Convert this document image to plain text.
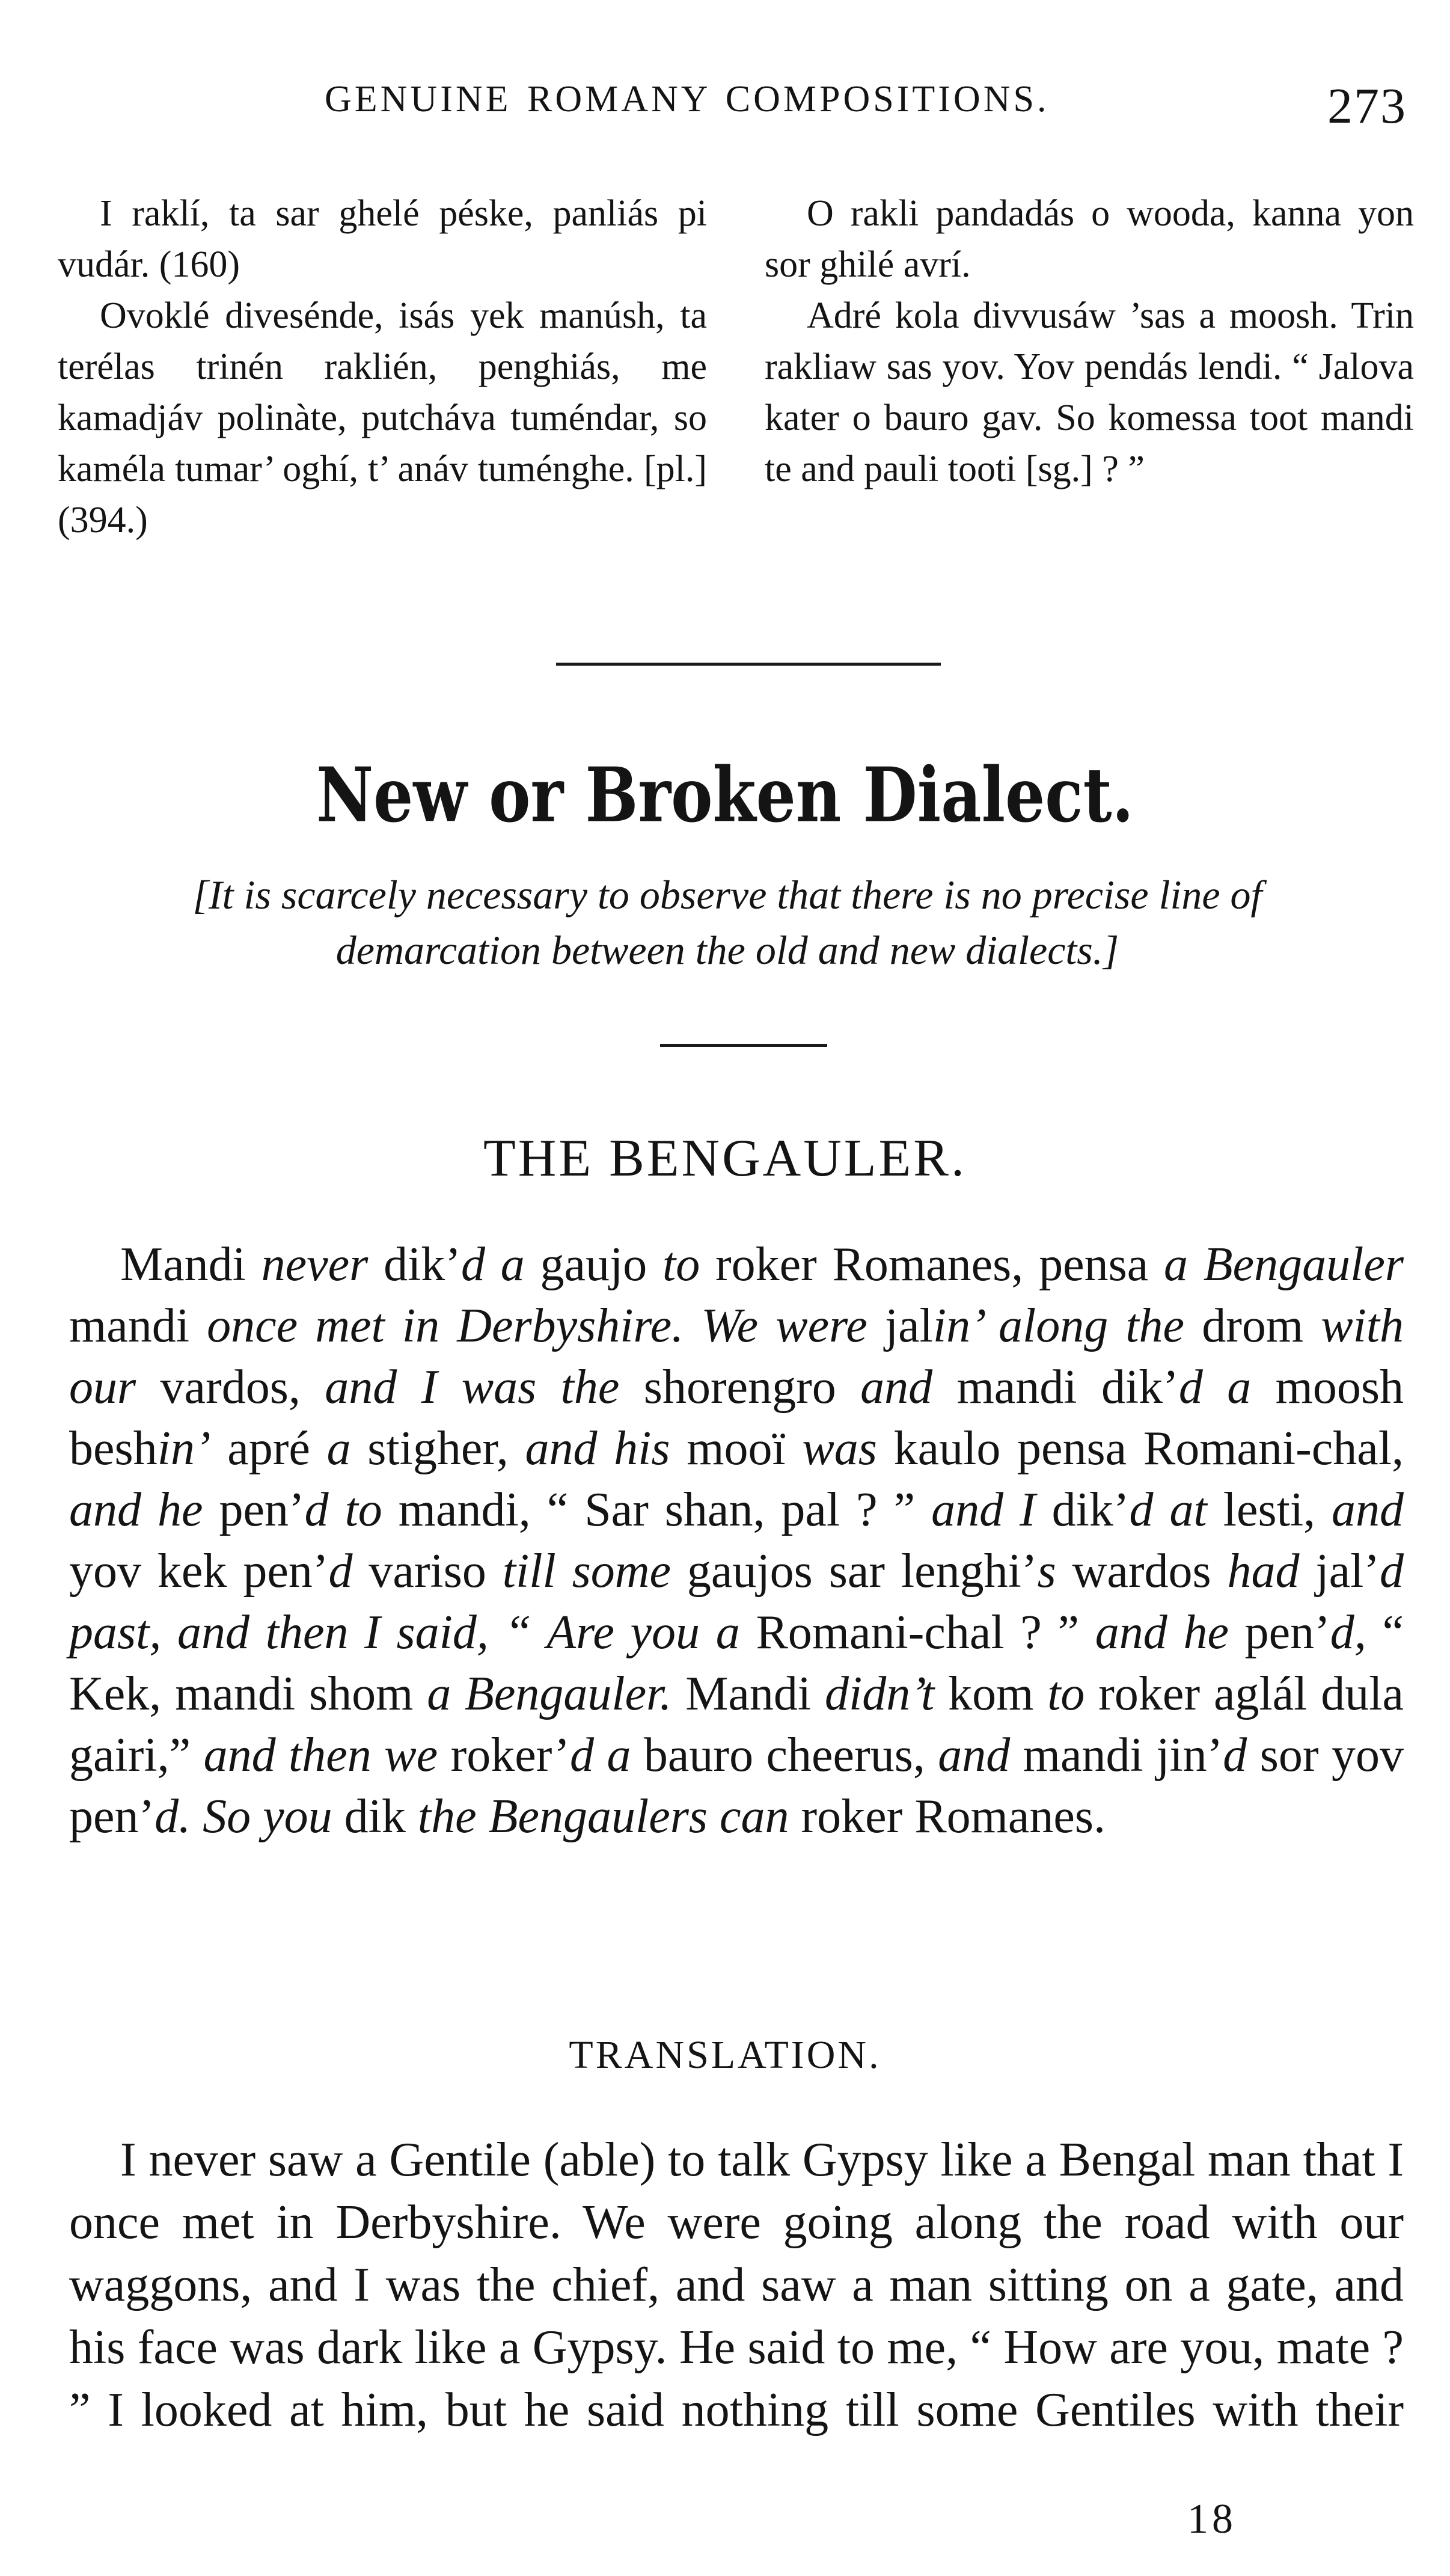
GENUINE ROMANY COMPOSITIONS.	273

I raklí, ta sar ghelé péske, panliás pi vudár. (160)

Ovoklé divesénde, isás yek manúsh, ta terélas trinén raklién, penghiás, me kamadjáv polinàte, putcháva tuméndar, so kaméla tumar’ oghí, t’ anáv tuménghe. [pl.] (394.)

O rakli pandadás o wooda, kanna yon sor ghilé avrí.

Adré kola divvusáw ’sas a moosh. Trin rakliaw sas yov. Yov pendás lendi. “ Jalova kater o bauro gav. So komessa toot mandi te and pauli tooti [sg.] ? ”

New or Broken Dialect.
[It is scarcely necessary to observe that there is no precise line of demarcation between the old and new dialects.]
THE BENGAULER.
Mandi never dik’d a gaujo to roker Romanes, pensa a Bengauler mandi once met in Derbyshire. We were jalin’ along the drom with our vardos, and I was the shorengro and mandi dik’d a moosh beshin’ apré a stigher, and his mooï was kaulo pensa Romani-chal, and he pen’d to mandi, “ Sar shan, pal ? ” and I dik’d at lesti, and yov kek pen’d variso till some gaujos sar lenghi’s wardos had jal’d past, and then I said, “ Are you a Romani-chal ? ” and he pen’d, “ Kek, mandi shom a Bengauler. Mandi didn’t kom to roker aglál dula gairi,” and then we roker’d a bauro cheerus, and mandi jin’d sor yov pen’d. So you dik the Bengaulers can roker Romanes.
TRANSLATION.
I never saw a Gentile (able) to talk Gypsy like a Bengal man that I once met in Derbyshire. We were going along the road with our waggons, and I was the chief, and saw a man sitting on a gate, and his face was dark like a Gypsy. He said to me, “ How are you, mate ? ” I looked at him, but he said nothing till some Gentiles with their
18
